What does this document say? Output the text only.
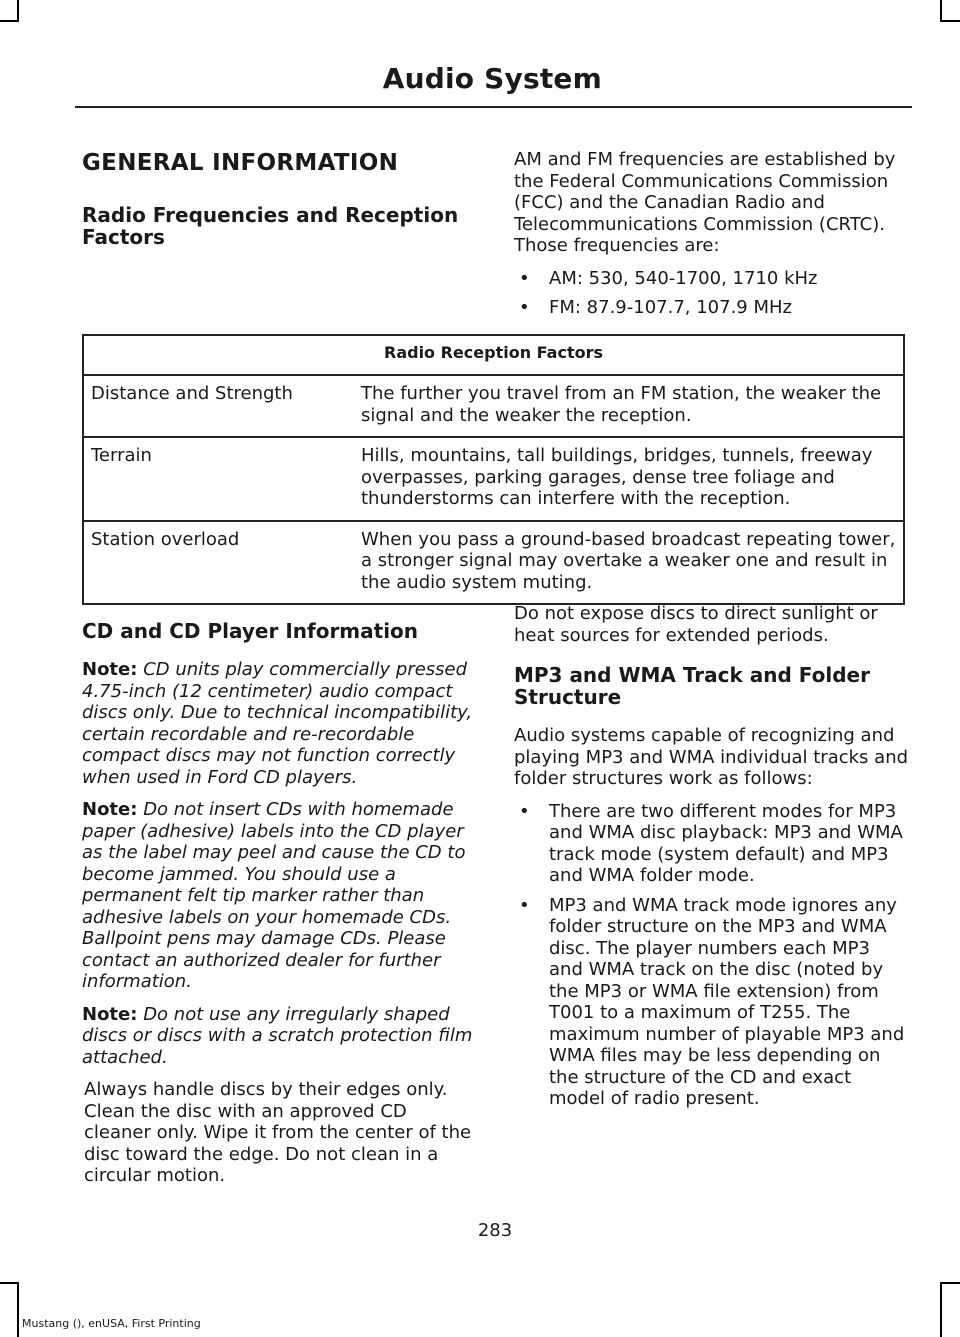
Audio System
GENERAL INFORMATION
Radio Frequencies and Reception Factors

AM and FM frequencies are established by the Federal Communications Commission (FCC) and the Canadian Radio and Telecommunications Commission (CRTC). Those frequencies are:

• AM: 530, 540-1700, 1710 kHz
• FM: 87.9-107.7, 107.9 MHz
Radio Reception Factors	
Distance and Strength	The further you travel from an FM station, the weaker the signal and the weaker the reception.
Terrain	Hills, mountains, tall buildings, bridges, tunnels, freeway overpasses, parking garages, dense tree foliage and thunderstorms can interfere with the reception.
Station overload	When you pass a ground-based broadcast repeating tower, a stronger signal may overtake a weaker one and result in the audio system muting.
CD and CD Player Information

Note: CD units play commercially pressed 4.75-inch (12 centimeter) audio compact discs only. Due to technical incompatibility, certain recordable and re-recordable compact discs may not function correctly when used in Ford CD players.

Note: Do not insert CDs with homemade paper (adhesive) labels into the CD player as the label may peel and cause the CD to become jammed. You should use a permanent felt tip marker rather than adhesive labels on your homemade CDs. Ballpoint pens may damage CDs. Please contact an authorized dealer for further information.

Note: Do not use any irregularly shaped discs or discs with a scratch protection film attached.

Always handle discs by their edges only. Clean the disc with an approved CD cleaner only. Wipe it from the center of the disc toward the edge. Do not clean in a circular motion.

Do not expose discs to direct sunlight or heat sources for extended periods.

MP3 and WMA Track and Folder Structure

Audio systems capable of recognizing and playing MP3 and WMA individual tracks and folder structures work as follows:

• There are two different modes for MP3 and WMA disc playback: MP3 and WMA track mode (system default) and MP3 and WMA folder mode.
• MP3 and WMA track mode ignores any folder structure on the MP3 and WMA disc. The player numbers each MP3 and WMA track on the disc (noted by the MP3 or WMA file extension) from T001 to a maximum of T255. The maximum number of playable MP3 and WMA files may be less depending on the structure of the CD and exact model of radio present.
283
Mustang (), enUSA, First Printing
